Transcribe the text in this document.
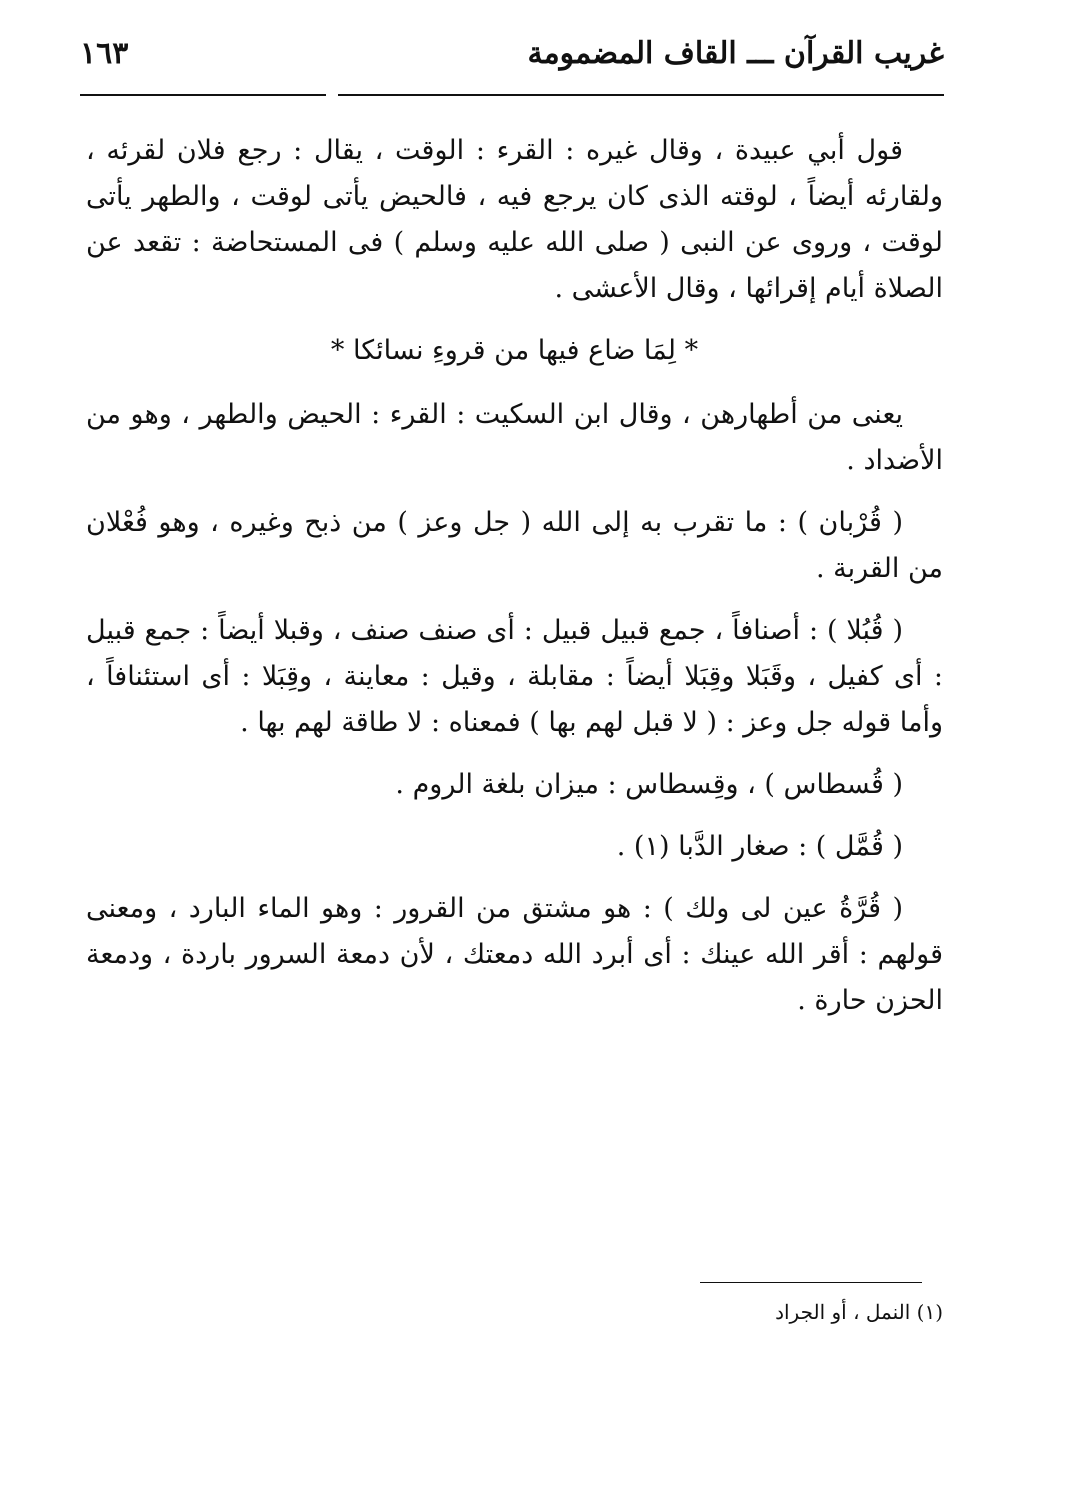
غريب القرآن ـــ القاف المضمومة
١٦٣

قول أبي عبيدة ، وقال غيره : القرء : الوقت ، يقال : رجع فلان لقرئه ، ولقارئه أيضاً ، لوقته الذى كان يرجع فيه ، فالحيض يأتى لوقت ، والطهر يأتى لوقت ، وروى عن النبى ( صلى الله عليه وسلم ) فى المستحاضة : تقعد عن الصلاة أيام إقرائها ، وقال الأعشى .

* لِمَا ضاع فيها من قروءِ نسائكا *

يعنى من أطهارهن ، وقال ابن السكيت : القرء : الحيض والطهر ، وهو من الأضداد .

( قُرْبان ) : ما تقرب به إلى الله ( جل وعز ) من ذبح وغيره ، وهو فُعْلان من القربة .

( قُبُلا ) : أصنافاً ، جمع قبيل قبيل : أى صنف صنف ، وقبلا أيضاً : جمع قبيل : أى كفيل ، وقَبَلا وقِبَلا أيضاً : مقابلة ، وقيل : معاينة ، وقِبَلا : أى استئنافاً ، وأما قوله جل وعز : ( لا قبل لهم بها ) فمعناه : لا طاقة لهم بها .

( قُسطاس ) ، وقِسطاس : ميزان بلغة الروم .

( قُمَّل ) : صغار الدَّبا (١) .

( قُرَّةُ عين لى ولك ) : هو مشتق من القرور : وهو الماء البارد ، ومعنى قولهم : أقر الله عينك : أى أبرد الله دمعتك ، لأن دمعة السرور باردة ، ودمعة الحزن حارة .

(١) النمل ، أو الجراد
